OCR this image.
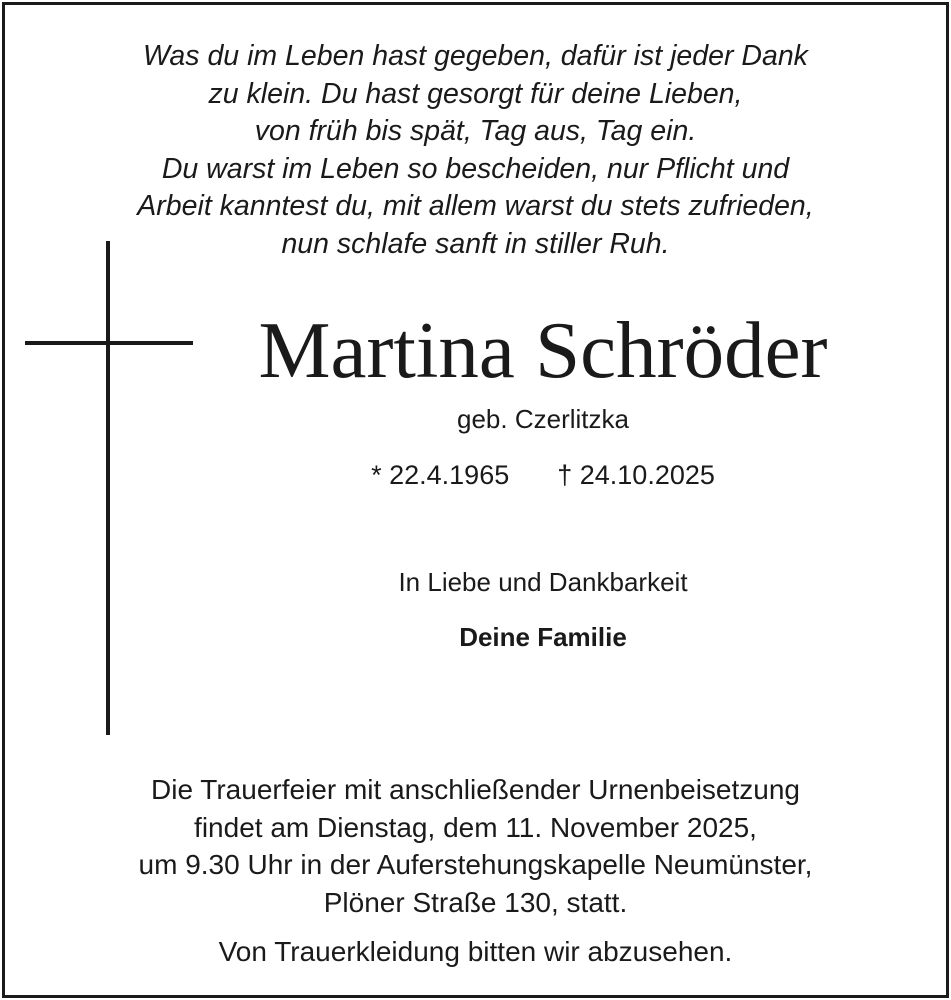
Was du im Leben hast gegeben, dafür ist jeder Dank
zu klein. Du hast gesorgt für deine Lieben,
von früh bis spät, Tag aus, Tag ein.
Du warst im Leben so bescheiden, nur Pflicht und
Arbeit kanntest du, mit allem warst du stets zufrieden,
nun schlafe sanft in stiller Ruh.
Martina Schröder
geb. Czerlitzka
* 22.4.1965 † 24.10.2025
In Liebe und Dankbarkeit
Deine Familie
Die Trauerfeier mit anschließender Urnenbeisetzung
findet am Dienstag, dem 11. November 2025,
um 9.30 Uhr in der Auferstehungskapelle Neumünster,
Plöner Straße 130, statt.
Von Trauerkleidung bitten wir abzusehen.
